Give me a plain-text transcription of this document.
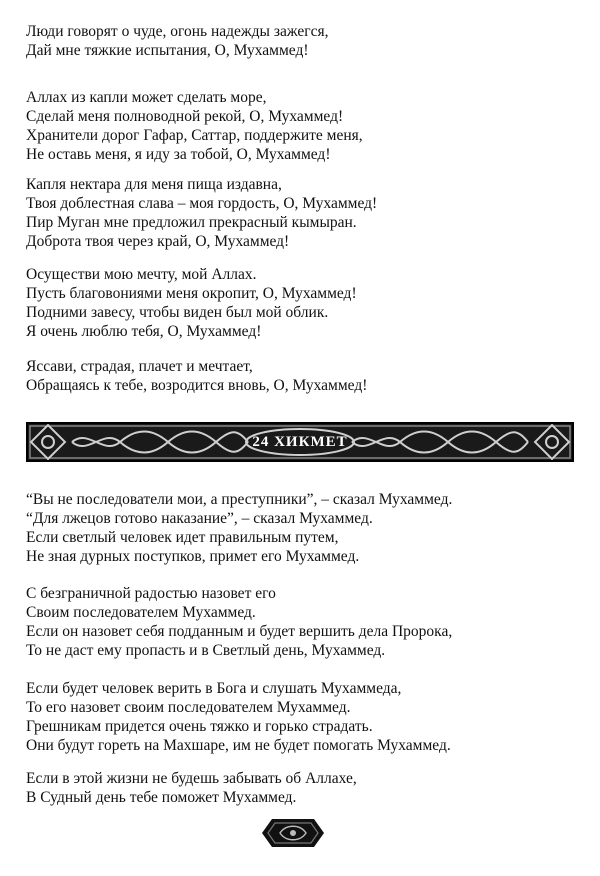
Люди говорят о чуде, огонь надежды зажегся,
Дай мне тяжкие испытания, О, Мухаммед!
Аллах из капли может сделать море,
Сделай меня полноводной рекой, О, Мухаммед!
Хранители дорог Гафар, Саттар, поддержите меня,
Не оставь меня, я иду за тобой, О, Мухаммед!
Капля нектара для меня пища издавна,
Твоя доблестная слава – моя гордость, О, Мухаммед!
Пир Муган мне предложил прекрасный кымыран.
Доброта твоя через край, О, Мухаммед!
Осуществи мою мечту, мой Аллах.
Пусть благовониями меня окропит, О, Мухаммед!
Подними завесу, чтобы виден был мой облик.
Я очень люблю тебя, О, Мухаммед!
Яссави, страдая, плачет и мечтает,
Обращаясь к тебе, возродится вновь, О, Мухаммед!
24 ХИКМЕТ
“Вы не последователи мои, а преступники”, – сказал Мухаммед.
“Для лжецов готово наказание”, – сказал Мухаммед.
Если светлый человек идет правильным путем,
Не зная дурных поступков, примет его Мухаммед.
С безграничной радостью назовет его
Своим последователем Мухаммед.
Если он назовет себя подданным и будет вершить дела Пророка,
То не даст ему пропасть и в Светлый день, Мухаммед.
Если будет человек верить в Бога и слушать Мухаммеда,
То его назовет своим последователем Мухаммед.
Грешникам придется очень тяжко и горько страдать.
Они будут гореть на Махшаре, им не будет помогать Мухаммед.
Если в этой жизни не будешь забывать об Аллахе,
В Судный день тебе поможет Мухаммед.
